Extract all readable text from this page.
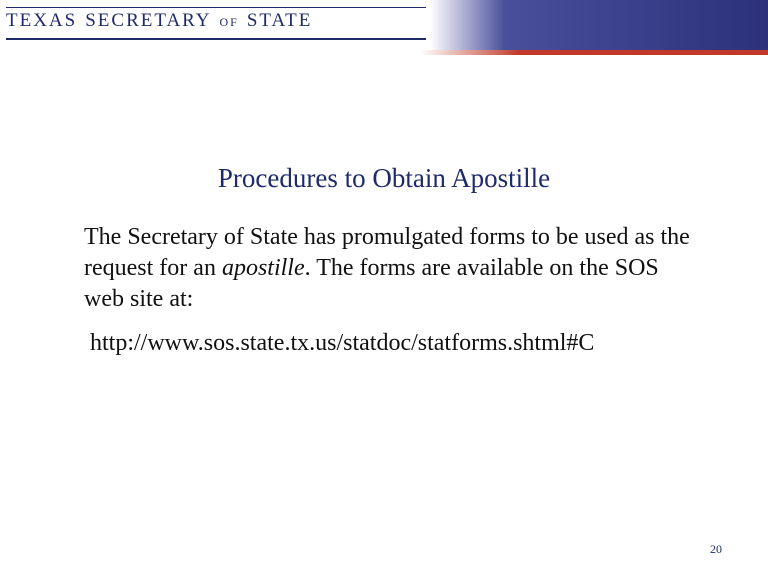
TEXAS SECRETARY OF STATE
Procedures to Obtain Apostille
The Secretary of State has promulgated forms to be used as the request for an apostille. The forms are available on the SOS web site at:
http://www.sos.state.tx.us/statdoc/statforms.shtml#C
20
